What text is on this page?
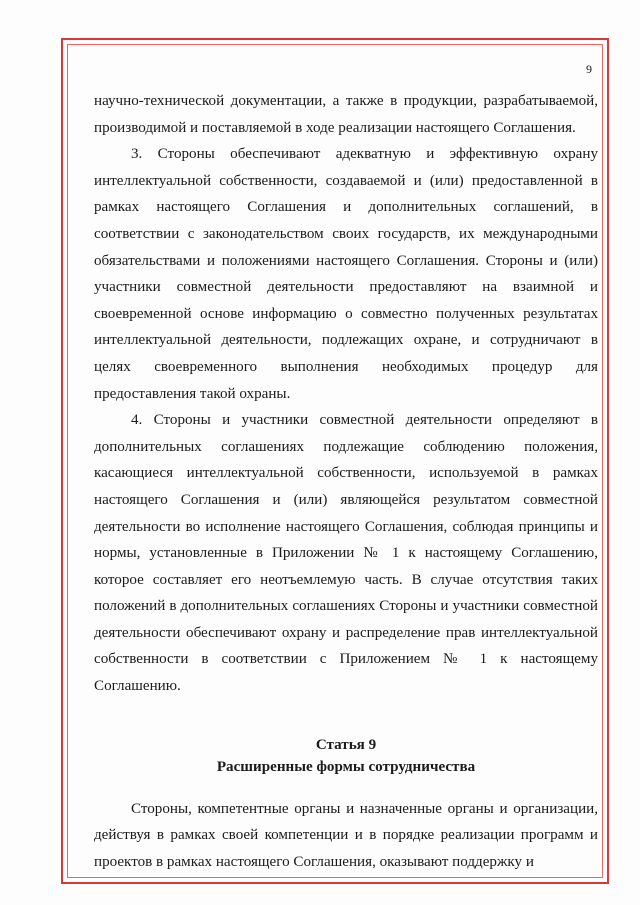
9

научно-технической документации, а также в продукции, разрабатываемой, производимой и поставляемой в ходе реализации настоящего Соглашения.

3. Стороны обеспечивают адекватную и эффективную охрану интеллектуальной собственности, создаваемой и (или) предоставленной в рамках настоящего Соглашения и дополнительных соглашений, в соответствии с законодательством своих государств, их международными обязательствами и положениями настоящего Соглашения. Стороны и (или) участники совместной деятельности предоставляют на взаимной и своевременной основе информацию о совместно полученных результатах интеллектуальной деятельности, подлежащих охране, и сотрудничают в целях своевременного выполнения необходимых процедур для предоставления такой охраны.

4. Стороны и участники совместной деятельности определяют в дополнительных соглашениях подлежащие соблюдению положения, касающиеся интеллектуальной собственности, используемой в рамках настоящего Соглашения и (или) являющейся результатом совместной деятельности во исполнение настоящего Соглашения, соблюдая принципы и нормы, установленные в Приложении № 1 к настоящему Соглашению, которое составляет его неотъемлемую часть. В случае отсутствия таких положений в дополнительных соглашениях Стороны и участники совместной деятельности обеспечивают охрану и распределение прав интеллектуальной собственности в соответствии с Приложением № 1 к настоящему Соглашению.

Статья 9
Расширенные формы сотрудничества

Стороны, компетентные органы и назначенные органы и организации, действуя в рамках своей компетенции и в порядке реализации программ и проектов в рамках настоящего Соглашения, оказывают поддержку и
